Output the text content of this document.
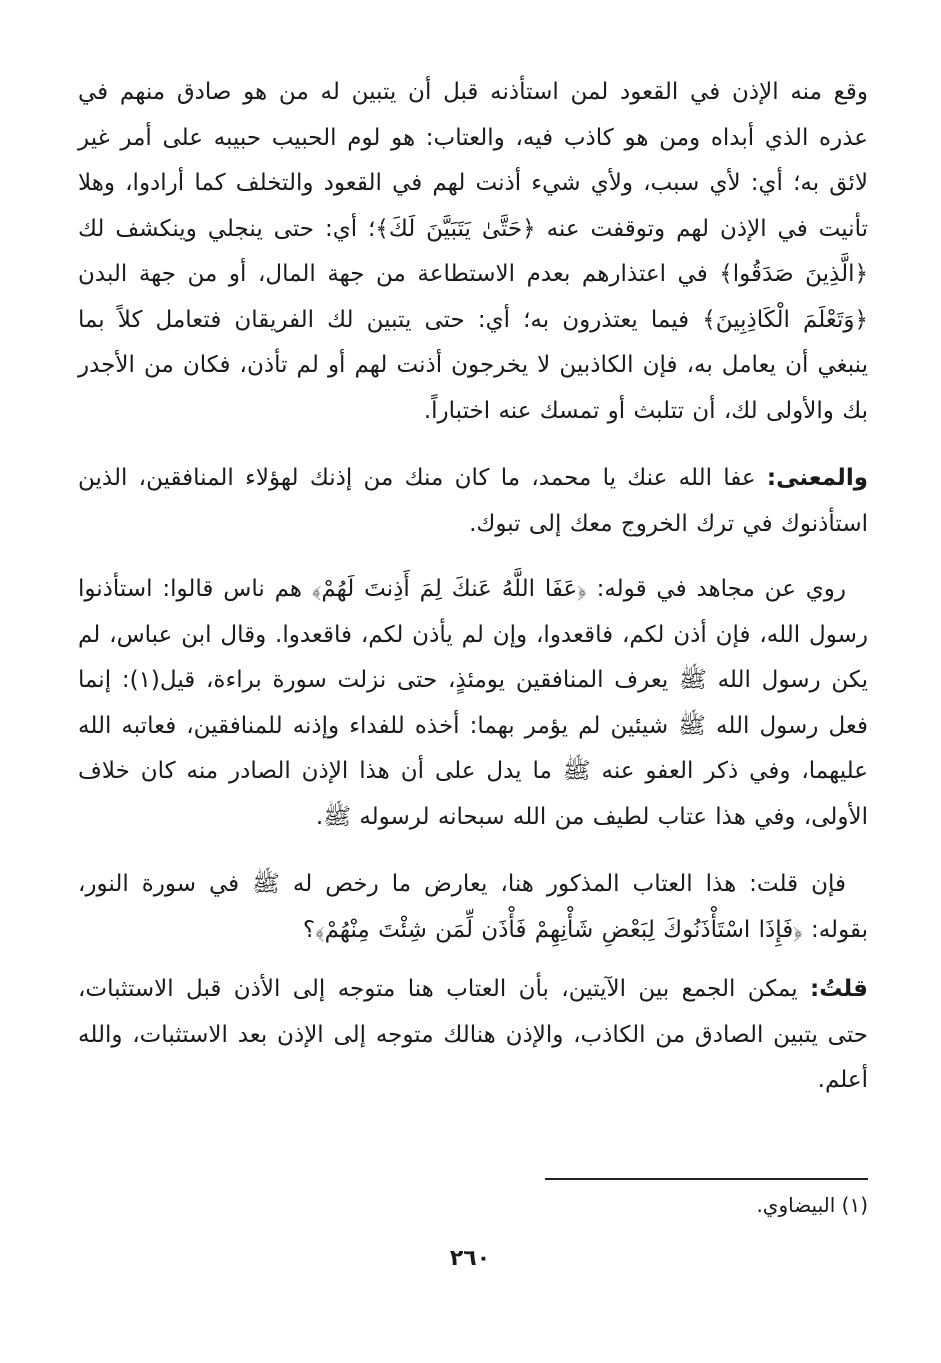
وقع منه الإذن في القعود لمن استأذنه قبل أن يتبين له من هو صادق منهم في عذره الذي أبداه ومن هو كاذب فيه، والعتاب: هو لوم الحبيب حبيبه على أمر غير لائق به؛ أي: لأي سبب، ولأي شيء أذنت لهم في القعود والتخلف كما أرادوا، وهلا تأنيت في الإذن لهم وتوقفت عنه ﴿حَتَّىٰ يَتَبَيَّنَ لَكَ﴾؛ أي: حتى ينجلي وينكشف لك ﴿الَّذِينَ صَدَقُوا﴾ في اعتذارهم بعدم الاستطاعة من جهة المال، أو من جهة البدن ﴿وَتَعْلَمَ الْكَاذِبِينَ﴾ فيما يعتذرون به؛ أي: حتى يتبين لك الفريقان فتعامل كلاً بما ينبغي أن يعامل به، فإن الكاذبين لا يخرجون أذنت لهم أو لم تأذن، فكان من الأجدر بك والأولى لك، أن تتلبث أو تمسك عنه اختباراً.

والمعنى: عفا الله عنك يا محمد، ما كان منك من إذنك لهؤلاء المنافقين، الذين استأذنوك في ترك الخروج معك إلى تبوك.

روي عن مجاهد في قوله: ﴿عَفَا اللَّهُ عَنكَ لِمَ أَذِنتَ لَهُمْ﴾ هم ناس قالوا: استأذنوا رسول الله، فإن أذن لكم، فاقعدوا، وإن لم يأذن لكم، فاقعدوا. وقال ابن عباس، لم يكن رسول الله ﷺ يعرف المنافقين يومئذٍ، حتى نزلت سورة براءة، قيل(١): إنما فعل رسول الله ﷺ شيئين لم يؤمر بهما: أخذه للفداء وإذنه للمنافقين، فعاتبه الله عليهما، وفي ذكر العفو عنه ﷺ ما يدل على أن هذا الإذن الصادر منه كان خلاف الأولى، وفي هذا عتاب لطيف من الله سبحانه لرسوله ﷺ.

فإن قلت: هذا العتاب المذكور هنا، يعارض ما رخص له ﷺ في سورة النور، بقوله: ﴿فَإِذَا اسْتَأْذَنُوكَ لِبَعْضِ شَأْنِهِمْ فَأْذَن لِّمَن شِئْتَ مِنْهُمْ﴾؟

قلتُ: يمكن الجمع بين الآيتين، بأن العتاب هنا متوجه إلى الأذن قبل الاستثبات، حتى يتبين الصادق من الكاذب، والإذن هنالك متوجه إلى الإذن بعد الاستثبات، والله أعلم.

(١) البيضاوي.
٢٦٠
